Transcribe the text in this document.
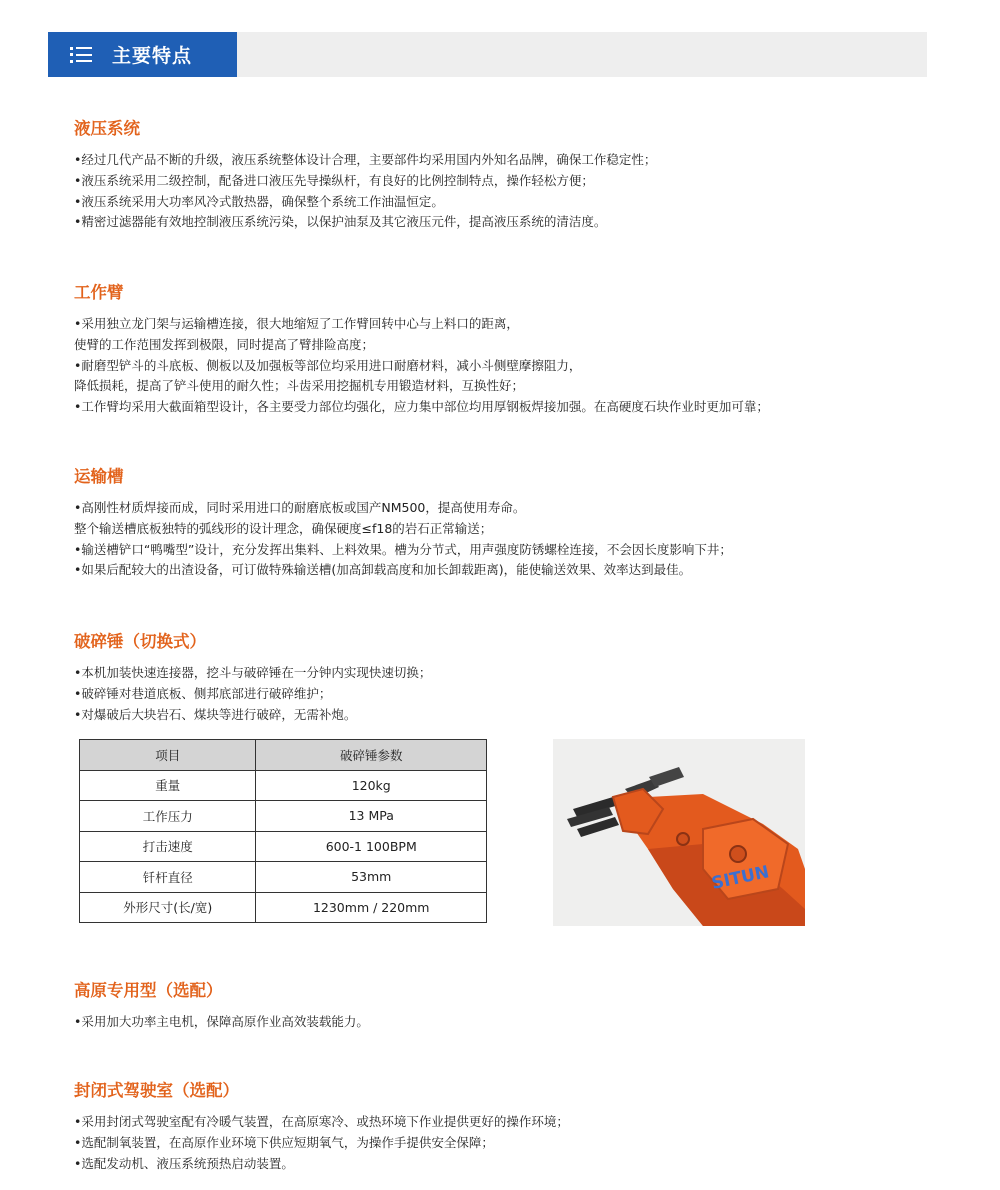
主要特点
液压系统
•经过几代产品不断的升级，液压系统整体设计合理，主要部件均采用国内外知名品牌，确保工作稳定性；
•液压系统采用二级控制，配备进口液压先导操纵杆，有良好的比例控制特点，操作轻松方便；
•液压系统采用大功率风冷式散热器，确保整个系统工作油温恒定。
•精密过滤器能有效地控制液压系统污染，以保护油泵及其它液压元件，提高液压系统的清洁度。
工作臂
•采用独立龙门架与运输槽连接，很大地缩短了工作臂回转中心与上料口的距离，
使臂的工作范围发挥到极限，同时提高了臂排险高度；
•耐磨型铲斗的斗底板、侧板以及加强板等部位均采用进口耐磨材料，减小斗侧壁摩擦阻力，
降低损耗，提高了铲斗使用的耐久性；斗齿采用挖掘机专用锻造材料，互换性好；
•工作臂均采用大截面箱型设计，各主要受力部位均强化，应力集中部位均用厚钢板焊接加强。在高硬度石块作业时更加可靠；
运输槽
•高刚性材质焊接而成，同时采用进口的耐磨底板或国产NM500，提高使用寿命。
整个输送槽底板独特的弧线形的设计理念，确保硬度≤f18的岩石正常输送；
•输送槽铲口“鸭嘴型”设计，充分发挥出集料、上料效果。槽为分节式，用声强度防锈螺栓连接，不会因长度影响下井；
•如果后配较大的出渣设备，可订做特殊输送槽(加高卸载高度和加长卸载距离)，能使输送效果、效率达到最佳。
破碎锤（切换式）
•本机加装快速连接器，挖斗与破碎锤在一分钟内实现快速切换；
•破碎锤对巷道底板、侧邦底部进行破碎维护；
•对爆破后大块岩石、煤块等进行破碎，无需补炮。
项目	破碎锤参数
重量	120kg
工作压力	13 MPa
打击速度	600-1 100BPM
钎杆直径	53mm
外形尺寸(长/宽)	1230mm / 220mm
SITUN
高原专用型（选配）
•采用加大功率主电机，保障高原作业高效装载能力。
封闭式驾驶室（选配）
•采用封闭式驾驶室配有冷暖气装置，在高原寒冷、或热环境下作业提供更好的操作环境；
•选配制氧装置，在高原作业环境下供应短期氧气，为操作手提供安全保障；
•选配发动机、液压系统预热启动装置。
